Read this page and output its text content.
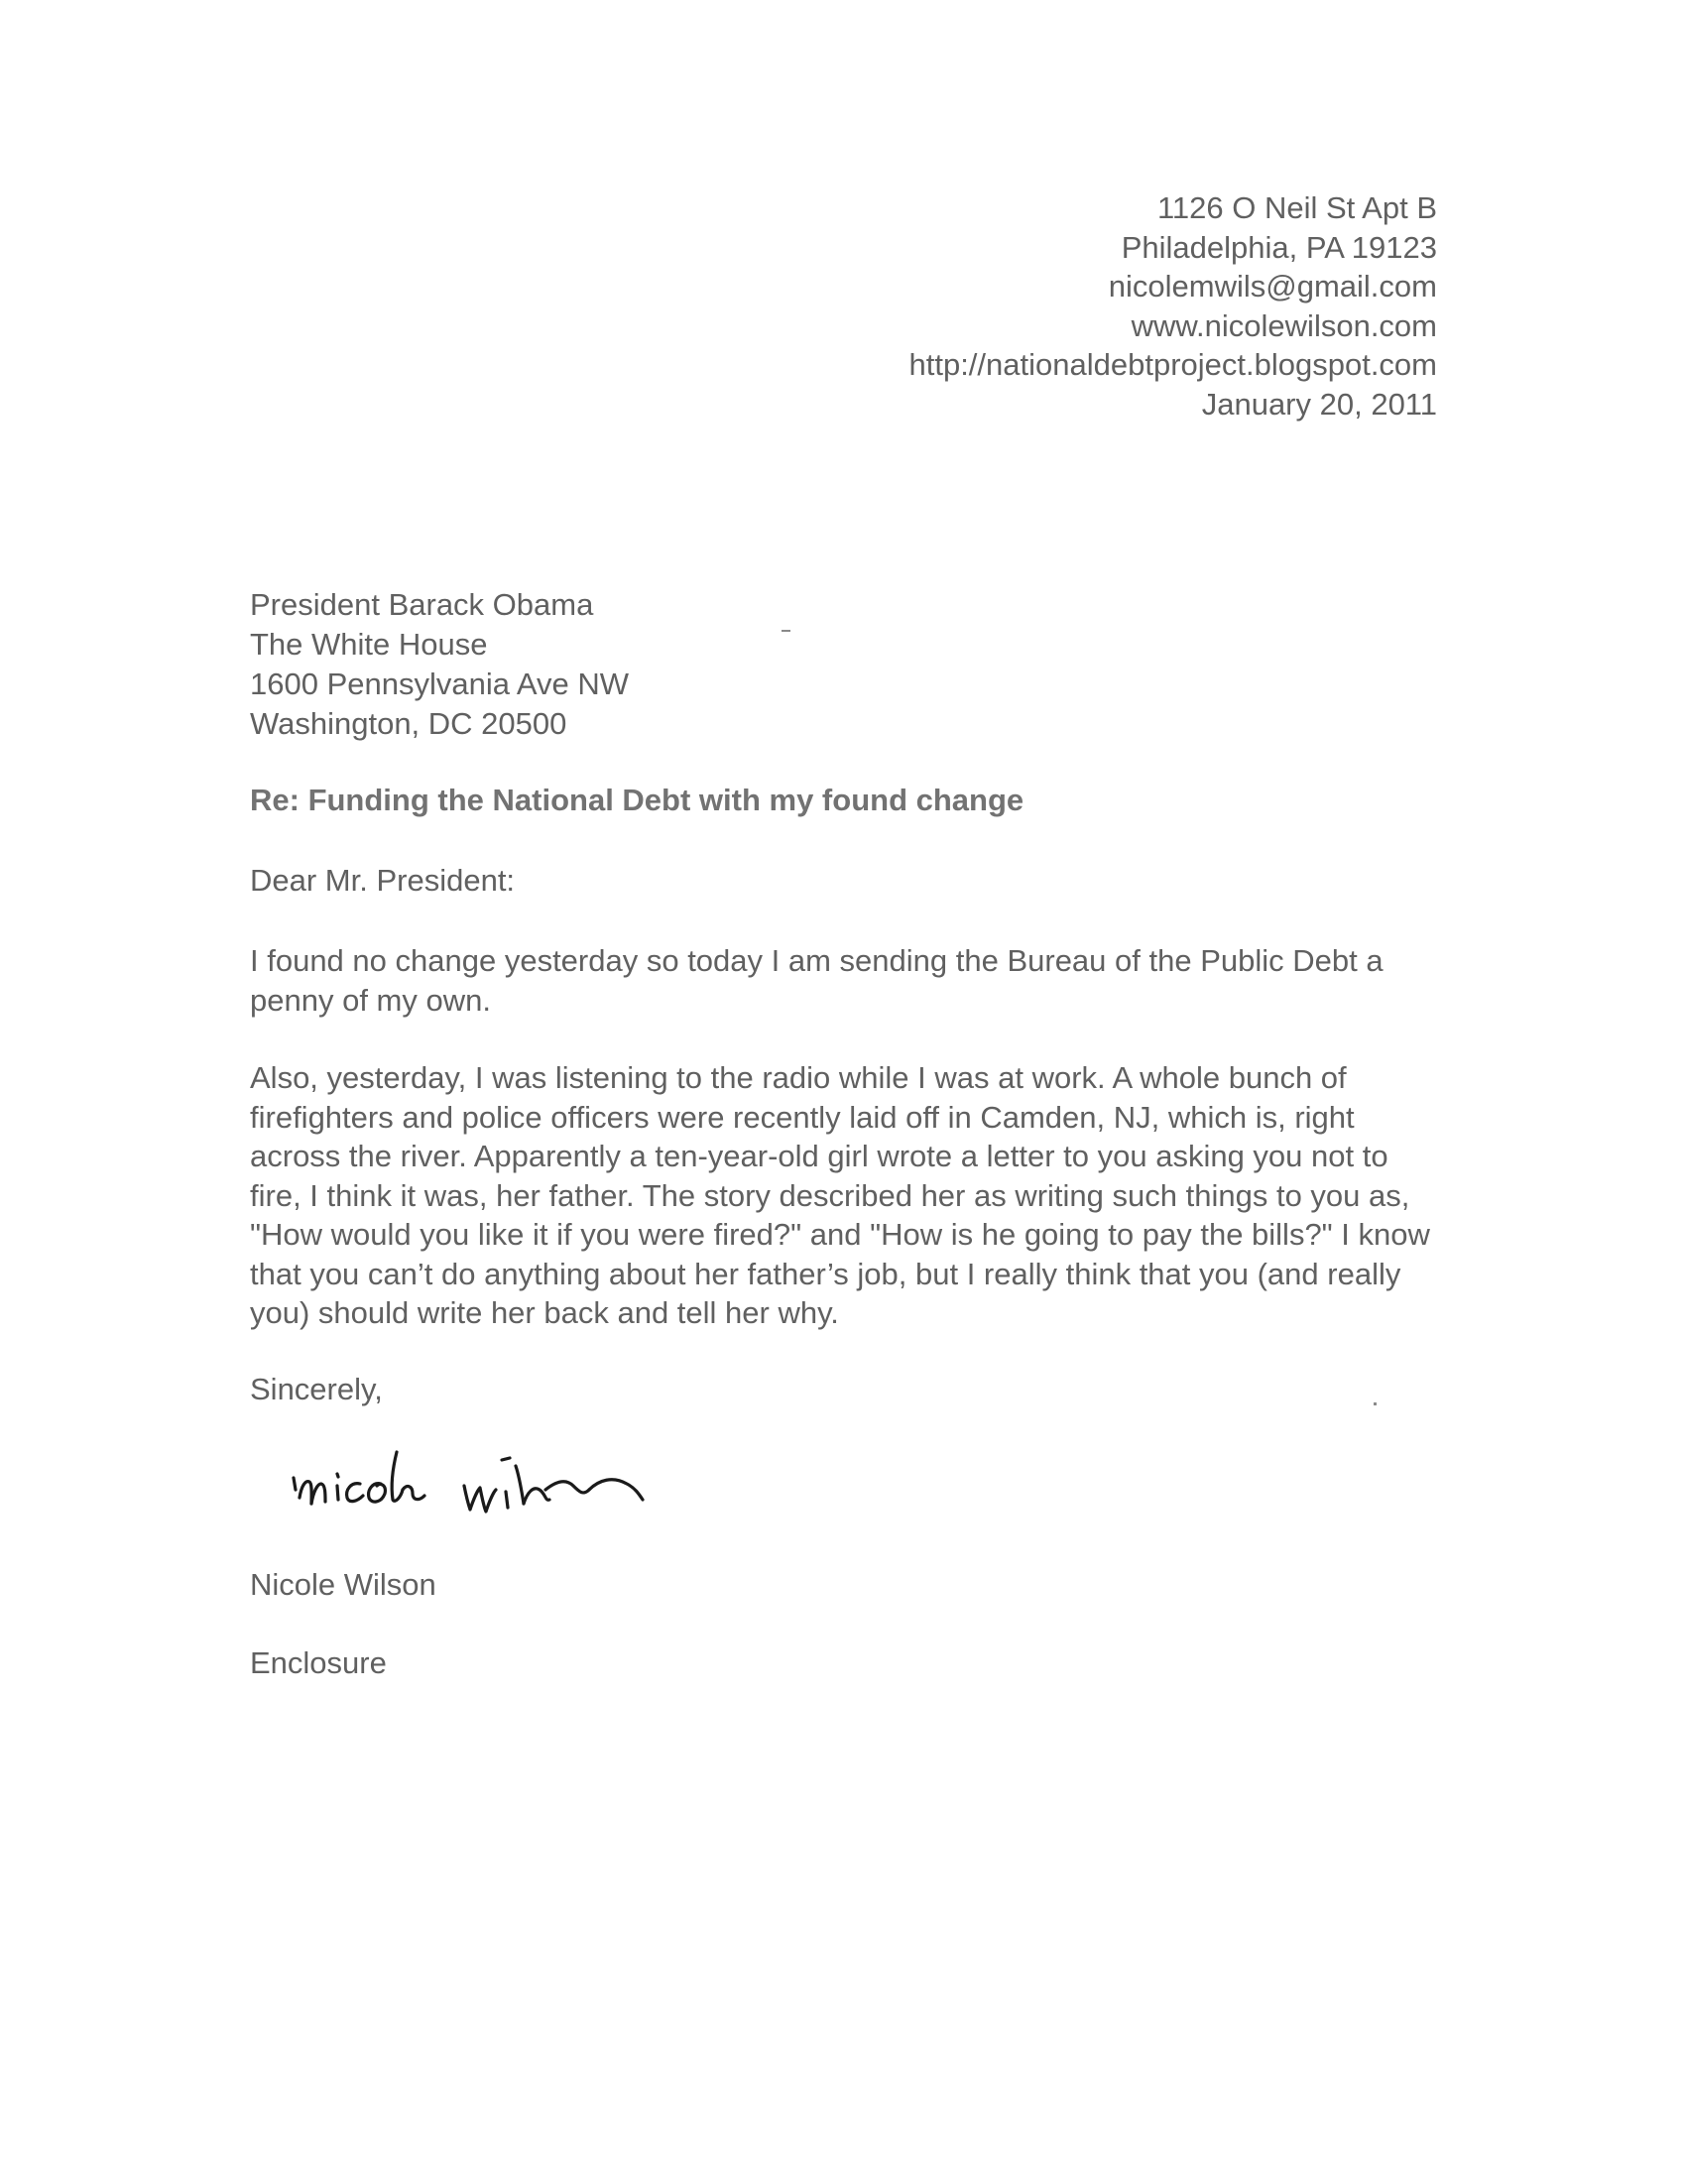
1126 O Neil St Apt B
Philadelphia, PA 19123
nicolemwils@gmail.com
www.nicolewilson.com
http://nationaldebtproject.blogspot.com
January 20, 2011
President Barack Obama
The White House
1600 Pennsylvania Ave NW
Washington, DC 20500
Re: Funding the National Debt with my found change
Dear Mr. President:
I found no change yesterday so today I am sending the Bureau of the Public Debt a penny of my own.
Also, yesterday, I was listening to the radio while I was at work. A whole bunch of firefighters and police officers were recently laid off in Camden, NJ, which is, right across the river. Apparently a ten-year-old girl wrote a letter to you asking you not to fire, I think it was, her father. The story described her as writing such things to you as, "How would you like it if you were fired?" and "How is he going to pay the bills?" I know that you can’t do anything about her father’s job, but I really think that you (and really you) should write her back and tell her why.
Sincerely,
Nicole Wilson
Enclosure
